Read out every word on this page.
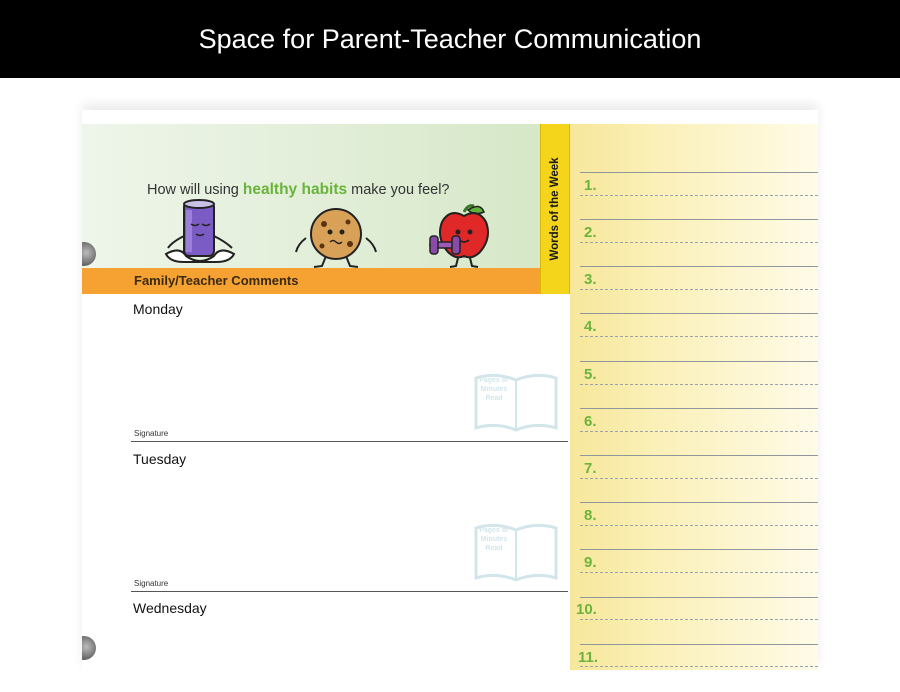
Space for Parent-Teacher Communication
How will using healthy habits make you feel?
Family/Teacher Comments
Words of the Week 1.
2.
3.
4.
5.
6.
7.
8.
9.
10.
11.
Monday
Pages or Minutes Read
Signature
Tuesday
Pages or Minutes Read
Signature
Wednesday
